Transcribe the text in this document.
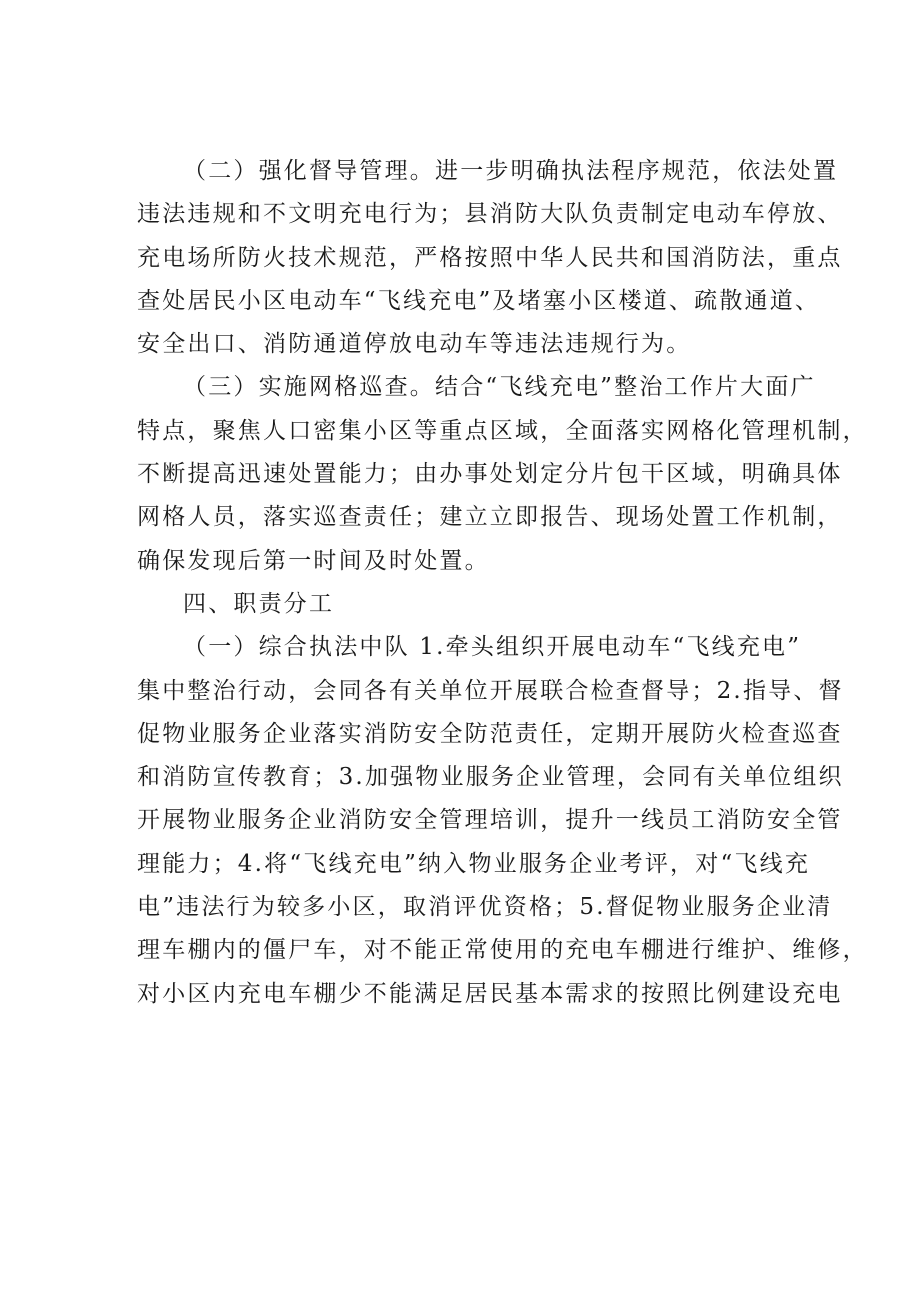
（二）强化督导管理。进一步明确执法程序规范，依法处置
违法违规和不文明充电行为；县消防大队负责制定电动车停放、
充电场所防火技术规范，严格按照中华人民共和国消防法，重点
查处居民小区电动车“飞线充电”及堵塞小区楼道、疏散通道、
安全出口、消防通道停放电动车等违法违规行为。
（三）实施网格巡查。结合“飞线充电”整治工作片大面广
特点，聚焦人口密集小区等重点区域，全面落实网格化管理机制，
不断提高迅速处置能力；由办事处划定分片包干区域，明确具体
网格人员，落实巡查责任；建立立即报告、现场处置工作机制，
确保发现后第一时间及时处置。
四、职责分工
（一）综合执法中队 1.牵头组织开展电动车“飞线充电”
集中整治行动，会同各有关单位开展联合检查督导；2.指导、督
促物业服务企业落实消防安全防范责任，定期开展防火检查巡查
和消防宣传教育；3.加强物业服务企业管理，会同有关单位组织
开展物业服务企业消防安全管理培训，提升一线员工消防安全管
理能力；4.将“飞线充电”纳入物业服务企业考评，对“飞线充
电”违法行为较多小区，取消评优资格；5.督促物业服务企业清
理车棚内的僵尸车，对不能正常使用的充电车棚进行维护、维修，
对小区内充电车棚少不能满足居民基本需求的按照比例建设充电
